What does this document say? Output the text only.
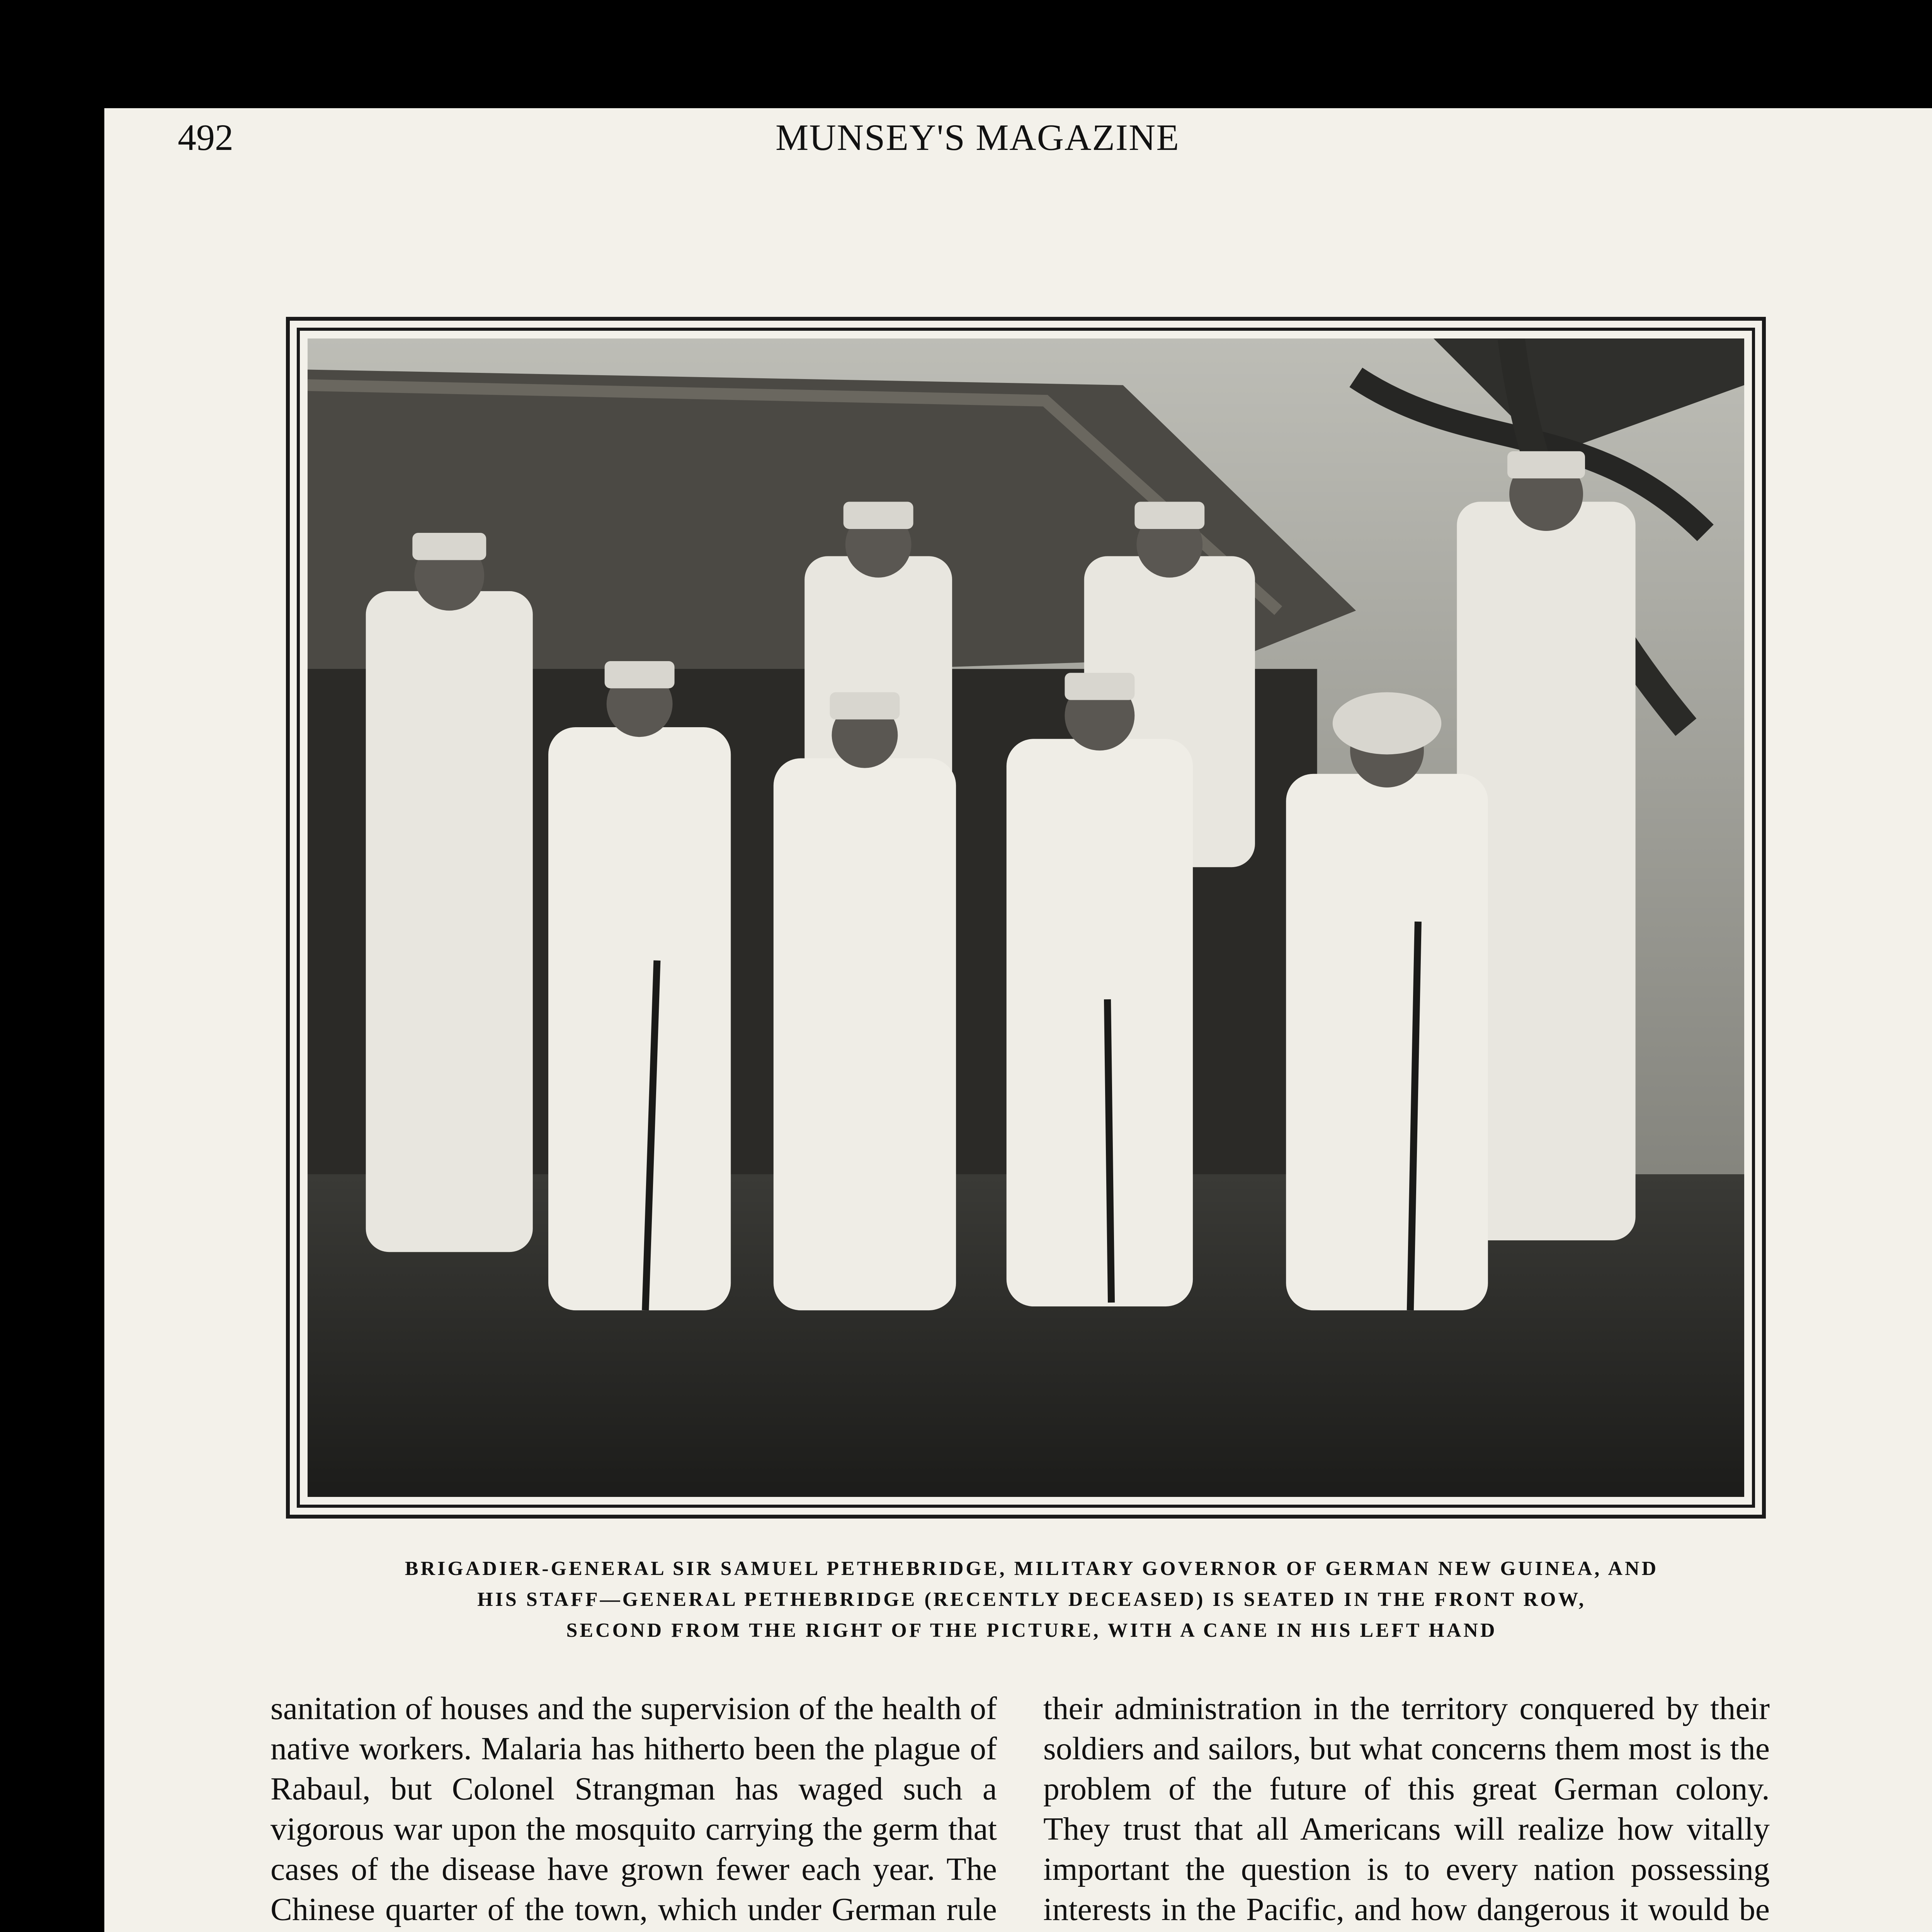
492	MUNSEY'S MAGAZINE
BRIGADIER-GENERAL SIR SAMUEL PETHEBRIDGE, MILITARY GOVERNOR OF GERMAN NEW GUINEA, AND
HIS STAFF—GENERAL PETHEBRIDGE (RECENTLY DECEASED) IS SEATED IN THE FRONT ROW,
SECOND FROM THE RIGHT OF THE PICTURE, WITH A CANE IN HIS LEFT HAND

sanitation of houses and the supervision of the health of native workers. Malaria has hitherto been the plague of Rabaul, but Colonel Strangman has waged such a vigorous war upon the mosquito carrying the germ that cases of the disease have grown fewer each year. The Chinese quarter of the town, which under German rule

their administration in the territory conquered by their soldiers and sailors, but what concerns them most is the problem of the future of this great German colony. They trust that all Americans will realize how vitally important the question is to every nation possessing interests in the Pacific, and how dangerous it would be
